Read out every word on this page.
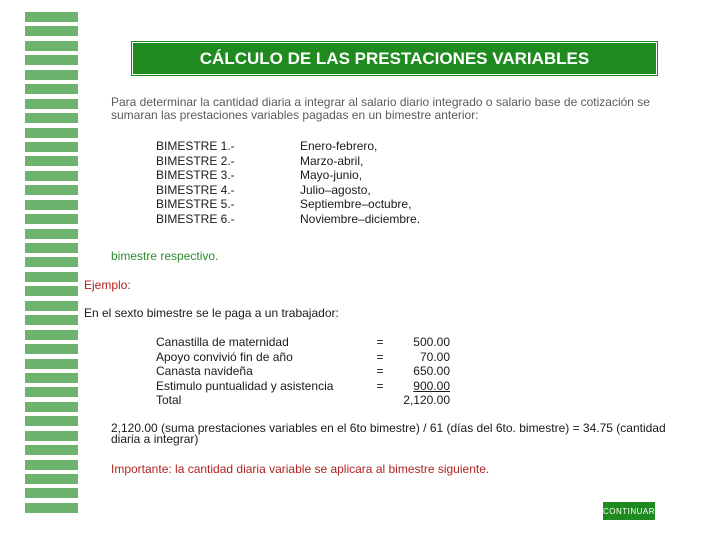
CÁLCULO DE LAS PRESTACIONES VARIABLES
Para determinar la cantidad diaria a integrar al salario diario integrado o salario base de cotización se sumaran las prestaciones variables pagadas en un bimestre anterior:
BIMESTRE 1.-	Enero-febrero,
BIMESTRE 2.-	Marzo-abril,
BIMESTRE 3.-	Mayo-junio,
BIMESTRE 4.-	Julio–agosto,
BIMESTRE 5.-	Septiembre–octubre,
BIMESTRE 6.-	Noviembre–diciembre.
bimestre respectivo.
Ejemplo:
En el sexto bimestre se le paga a un trabajador:
Canastilla de maternidad	=	500.00
Apoyo convivió fin de año	=	70.00
Canasta navideña	=	650.00
Estimulo puntualidad y asistencia	=	900.00
Total	2,120.00
2,120.00 (suma prestaciones variables en el 6to bimestre) / 61 (días del 6to. bimestre) = 34.75 (cantidad diaria a integrar)
Importante: la cantidad diaria variable se aplicara al bimestre siguiente.
CONTINUAR
